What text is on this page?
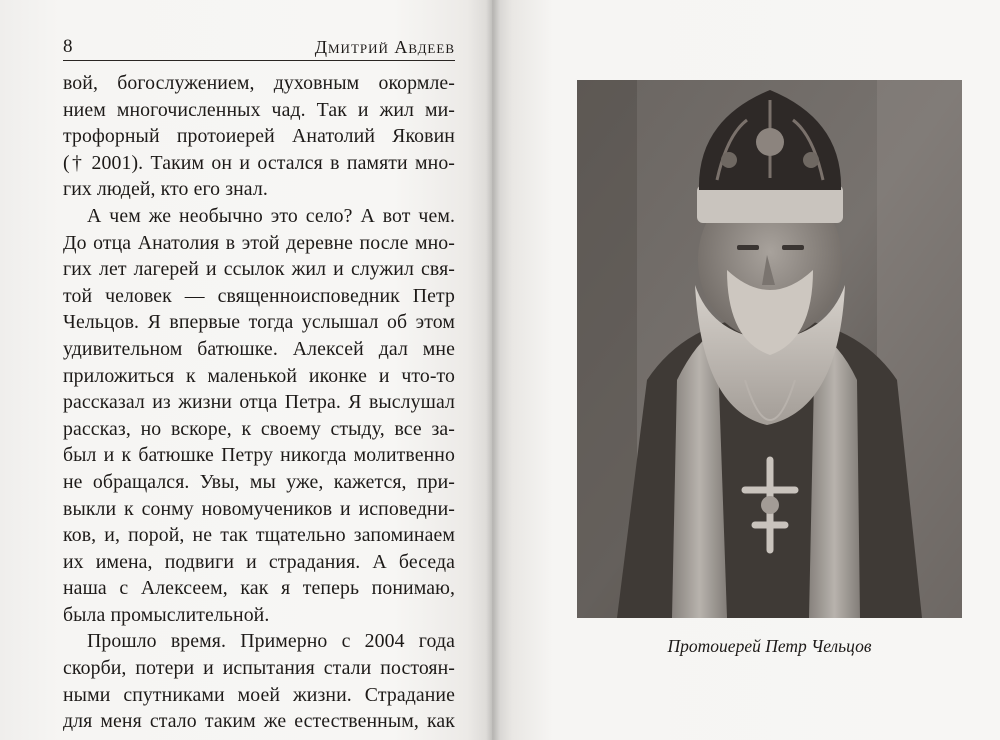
8	Дмитрий Авдеев
вой, богослужением, духовным окормле-
нием многочисленных чад. Так и жил ми-
трофорный протоиерей Анатолий Яковин
(† 2001). Таким он и остался в памяти мно-
гих людей, кто его знал.
А чем же необычно это село? А вот чем.
До отца Анатолия в этой деревне после мно-
гих лет лагерей и ссылок жил и служил свя-
той человек — священноисповедник Петр
Чельцов. Я впервые тогда услышал об этом
удивительном батюшке. Алексей дал мне
приложиться к маленькой иконке и что-то
рассказал из жизни отца Петра. Я выслушал
рассказ, но вскоре, к своему стыду, все за-
был и к батюшке Петру никогда молитвенно
не обращался. Увы, мы уже, кажется, при-
выкли к сонму новомучеников и исповедни-
ков, и, порой, не так тщательно запоминаем
их имена, подвиги и страдания. А беседа
наша с Алексеем, как я теперь понимаю,
была промыслительной.
Прошло время. Примерно с 2004 года
скорби, потери и испытания стали постоян-
ными спутниками моей жизни. Страдание
для меня стало таким же естественным, как
Протоиерей Петр Чельцов
